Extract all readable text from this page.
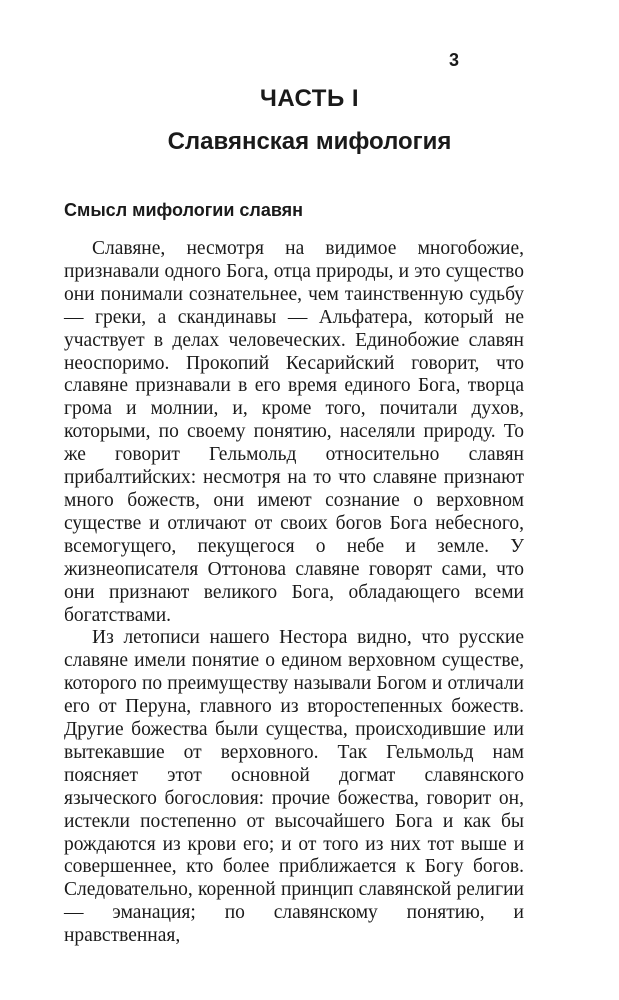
3
ЧАСТЬ I
Славянская мифология
Смысл мифологии славян

Славяне, несмотря на видимое многобожие, признавали одного Бога, отца природы, и это существо они понимали сознательнее, чем таинственную судьбу — греки, а скандинавы — Альфатера, который не участвует в делах человеческих. Единобожие славян неоспоримо. Прокопий Кесарийский говорит, что славяне признавали в его время единого Бога, творца грома и молнии, и, кроме того, почитали духов, которыми, по своему понятию, населяли природу. То же говорит Гельмольд относительно славян прибалтийских: несмотря на то что славяне признают много божеств, они имеют сознание о верховном существе и отличают от своих богов Бога небесного, всемогущего, пекущегося о небе и земле. У жизнеописателя Оттонова славяне говорят сами, что они признают великого Бога, обладающего всеми богатствами.

Из летописи нашего Нестора видно, что русские славяне имели понятие о едином верховном существе, которого по преимуществу называли Богом и отличали его от Перуна, главного из второстепенных божеств. Другие божества были существа, происходившие или вытекавшие от верховного. Так Гельмольд нам поясняет этот основной догмат славянского языческого богословия: прочие божества, говорит он, истекли постепенно от высочайшего Бога и как бы рождаются из крови его; и от того из них тот выше и совершеннее, кто более приближается к Богу богов. Следовательно, коренной принцип славянской религии — эманация; по славянскому понятию, и нравственная,
